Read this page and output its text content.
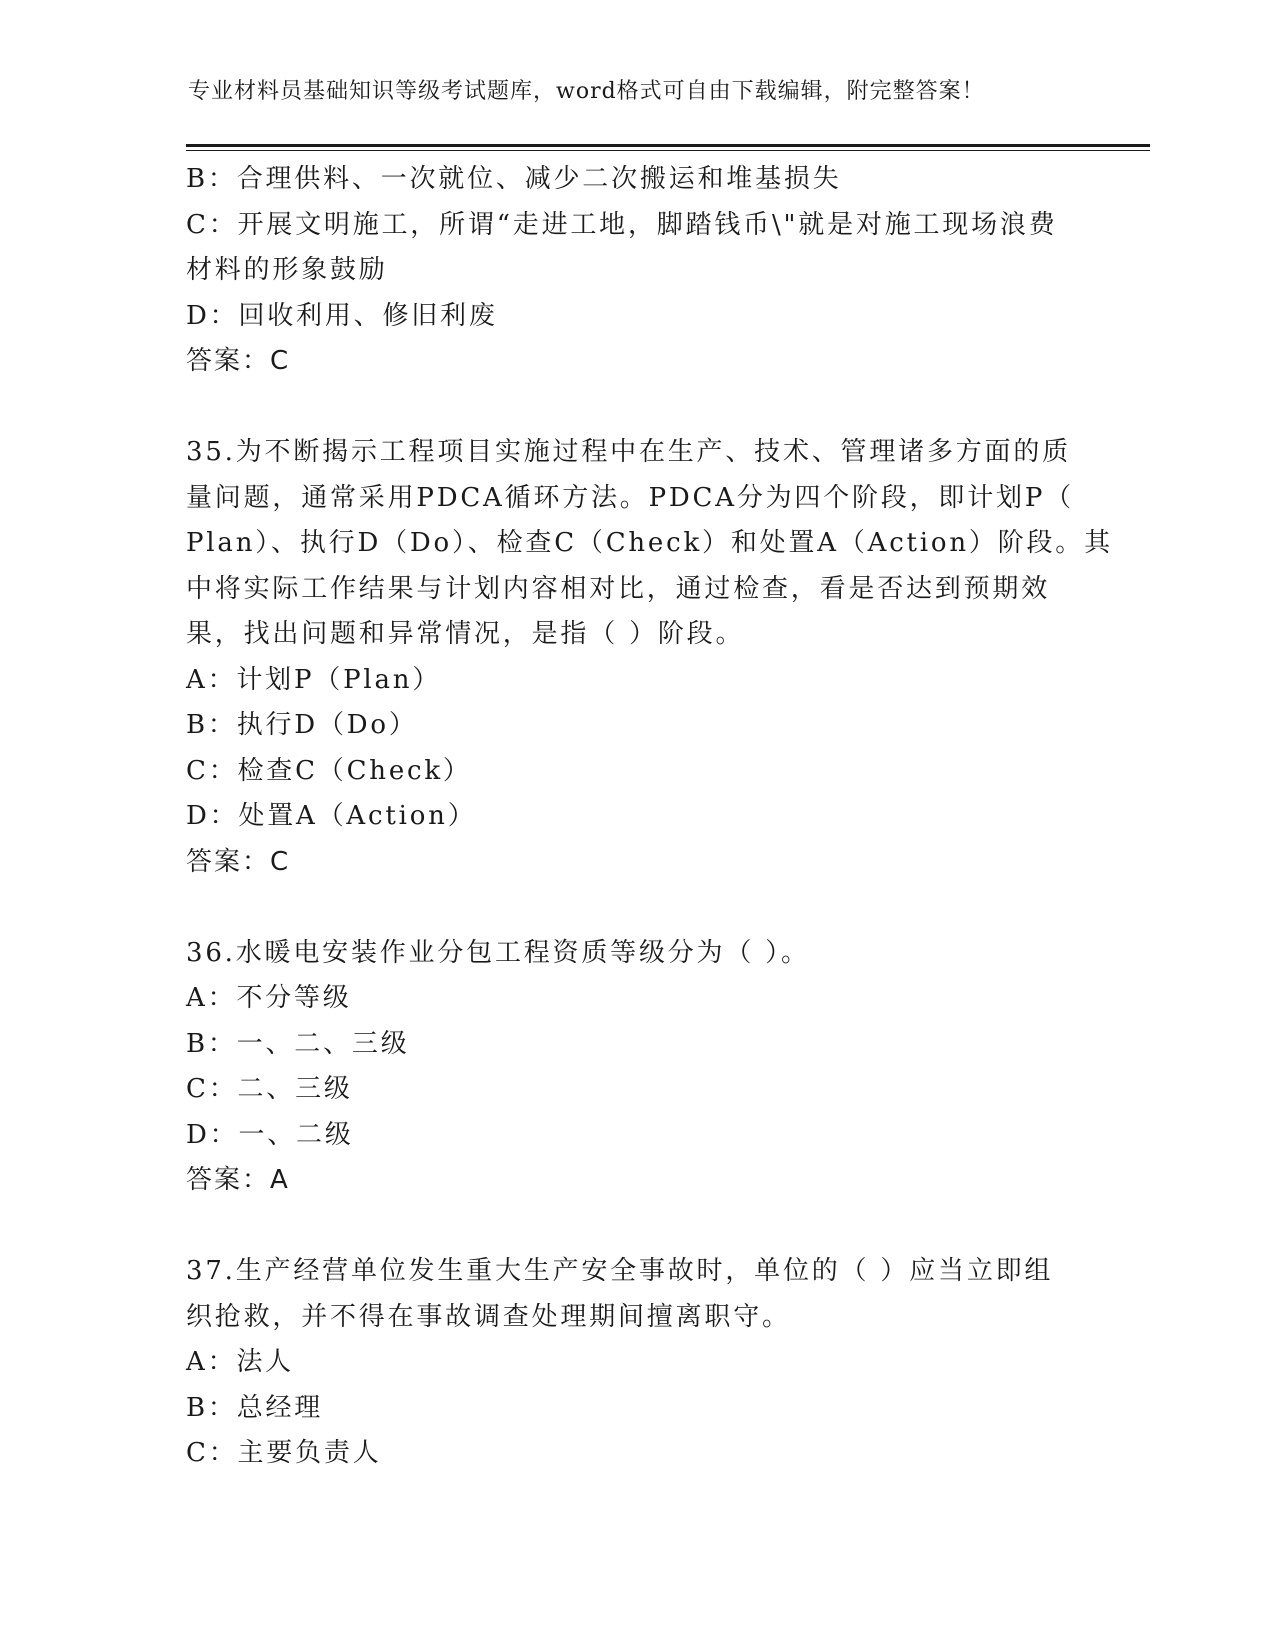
专业材料员基础知识等级考试题库，word格式可自由下载编辑，附完整答案！
B：合理供料、一次就位、减少二次搬运和堆基损失
C：开展文明施工，所谓“走进工地，脚踏钱币\"就是对施工现场浪费
材料的形象鼓励
D：回收利用、修旧利废
答案：C
35.为不断揭示工程项目实施过程中在生产、技术、管理诸多方面的质
量问题，通常采用PDCA循环方法。PDCA分为四个阶段，即计划P（
Plan）、执行D（Do）、检查C（Check）和处置A（Action）阶段。其
中将实际工作结果与计划内容相对比，通过检查，看是否达到预期效
果，找出问题和异常情况，是指（ ）阶段。
A：计划P（Plan）
B：执行D（Do）
C：检查C（Check）
D：处置A（Action）
答案：C
36.水暖电安装作业分包工程资质等级分为（ ）。
A：不分等级
B：一、二、三级
C：二、三级
D：一、二级
答案：A
37.生产经营单位发生重大生产安全事故时，单位的（ ）应当立即组
织抢救，并不得在事故调查处理期间擅离职守。
A：法人
B：总经理
C：主要负责人
